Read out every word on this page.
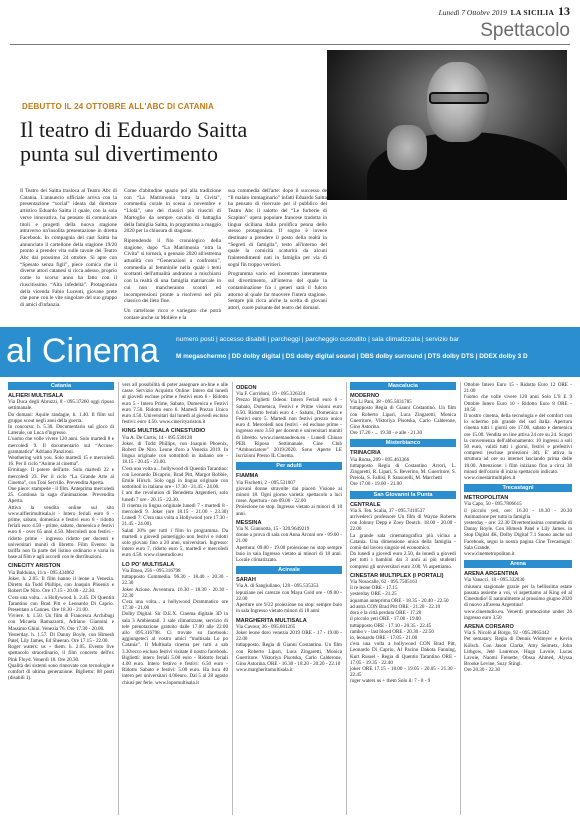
Lunedì 7 Ottobre 2019 LA SICILIA 13
Spettacolo
DEBUTTO IL 24 OTTOBRE ALL'ABC DI CATANIA
Il teatro di Eduardo Saitta
punta sul divertimento
Il Teatro dei Saitta traslocа al Teatro Abc di Catania. L'annuncio ufficiale arriva con la presentazione “social” ideata dal direttore artistico Eduardo Saitta il quale, con la sola verve innovativa, ha pensato di comunicare titoli e progetti della nuova stagione attraverso un'insolita presentazione in diretta Facebook. In compagnia del cast Saitta ha annunciato il cartellone della stagione 19/20 pronto a prender vita sulle tavole del Teatro Abc dal prossimo 24 ottobre. Si apre con “Spesato senza figli”, piece comica che il diverse attori catanesi si ricca adesso, proprio come lo scorso anno ha fatto con il riuscitissimo “Alta infedeltà”. Protagonista della vicenda Fabio Lucenti, giovane prete che pone con le vite singolare del suo gruppo di amici d'infanzia.
Come d'abitudine spazio poi alla tradizione con “La Matrimonia ‘ntra la Civita”, commedia corale in scena a novembre e “Liolà”, uno dei classici più riusciti di Martoglio da sempre cavallo di battaglia della famiglia Saitta, in programma a maggio 2020 per la chiusura di stagione.
Riprendendo il filo cronologico della stagione, dopo “La Matrimonia ‘ntra la Civita” si tornerà, a gennaio 2020 all'estrema attualità con “Generazioni a confronto”, commedia al femminile nella quale i temi scottanti dell'attualità andranno a mischiarsi con la realtà di una famiglia matriarcale in cui non mancheranno scontri ed incomprensioni pronte a risolversi nel più classico dei lieto fine.
Un cartellone ricco e variegato che potrà contare anche su Molière e la
sua commedia dell'arte: dopo il successo de “Il malato immaginario” infatti Eduardo Saitta ha pensato di riservare per il pubblico del Teatro Abc il salotto del “Le furberie di Scapino” opera popolare francese tradotta in lingua siciliana dalla prolifica penna dello stesso protagonista. Il sogno è invece destinato a prendere il posto della realtà in “Segreti di famiglia”, testo all'interno del quale la comicità scaturirà da alcuni fraintendimenti nati in famiglia per via di sogni fin troppo veritieri.
Programma vario ed incentrato interamente sul divertimento, all'interno del quale la contaminazione fra i generi sarà il fulcro attorno al quale far muovere l'intera stagione. Sempre più ricca anche la scelta di giovani attori, cuore pulsante del teatro del domani.
al Cinema	numero posti | accesso disabili | parcheggi | parcheggio custodito | sala climatizzata | servizio bar
M megaschermo | DD dolby digital | DS dolby digital sound | DBS dolby surround | DTS dolby DTS | DDEX dolby 3 D
Catania
ALFIERI MULTISALA
Via Duca degli Abruzzi, 8 - 095.37260 oggi riposo settimanale.
Da domani: Aquile randagie, h. 1.40. Il film sul gruppo scout negli anni della guerra.
In concorso: h. 5.30. Documentario sul gioco di Laterale, un Luca d'ingresso.
L'uomo che volle vivere 120 anni. Solo martedì 8 e mercoledì 9. Il documentario sul “Accuse: grammatica” Adriano Panzironi.
Weathering with you. Solo martedì 15 e mercoledì 16. Per il ciclo “Anime al cinema”.
Ermitage. Il potere dell'arte. Solo martedì 22 e mercoledì 23. Per il ciclo “La Grande Arte al Cinema”, con Toni Servillo. Prevendita Aperta.
One piece: stampede - il film. Anteprima mercoledì 25. Continua la saga d'animazione. Prevendita Aperta.
Attiva la vendita online sul sito www.alfierimultisala.it - Intero feriali euro 6 - prime, sabato, domenica e festivi euro 8 - ridotto feriali euro 4.50 - prime, sabato, domenica e festivi euro 6 - over 65 anni 4.50. Mercoledì non festivi - ridotto prime - ingresso ridotto per docenti e universitari muniti di libretto. Film Evento: la tariffa non fa parte del listino ordinario e varia in base al film e agli accordi con le distribuzioni.
CINECITY ARISTON
Via Balduina, 11/a - 095.434062
Joker. h. 2.05. Il film hanno il leone a Venezia. Diretto da Todd Phillips, con Joaquin Phoenix e Robert De Niro. Ore 17.15 - 20.00 - 22.30.
C'era una volta... a Hollywood. h. 2.45. Di Quentin Tarantino con Brad Pitt e Leonardo Di Caprio. Presentato a Cannes. Ore 18.30 - 21.00.
Viviere. h. 1.50. Un film di Francesca Archibugi con Micaela Ramazzotti, Adriano Giannini e Massimo Ghini. Venezia 76. Ore 17.30 - 20.00.
Yesterday. h. 1.57. Di Danny Boyle, con Himesh Patel, Lily James, Ed Sheeran. Ore 17.15 - 22.00.
Roger waters: us + them. h. 2.05. Evento live spettacolo straordinario, il film concerto dell'ex Pink Floyd. Venerdì 18. Ore 20.30.
Qualità dei sistemi sono rinnovate con tecnologie e comfort di ultima generazione. Biglietto: 88 posti (disabili 1).
vers all possibilità di poter assegnare on-line e alle casse. Servizio Acquisto Online: Intero dal lunedì al giovedì escluse prime e festivi euro 6 - Ridotto euro 5 - Intero Prime, Sabato, Domenica e Festivi euro 7.50. Ridotto euro 6. Martedì Prezzo Unico euro 4.50. Universitari dal lunedì al giovedì escluso festivi: euro 4.50. www.cinecityariston.it
KING MULTISALA CINESTUDIO
Via A. De Curtis, 14 - 095.530128
Joker. di Todd Phillips, con Joaquin Phoenix, Robert De Niro. Leone d'oro a Venezia 2019. In lingua originale con sottotitoli in italiano ore - 18.15 - 20.45 - 23.00.
C'era una volta a... hollywood di Quentin Tarantino: con Leonardo Dicaprio, Brad Pitt, Margot Robbie, Emile Hirsch. Solo oggi in lingua originale con sottotitoli in italiano ore - 17.30 - 21.45 - 24.00.
I am the revolution di Benedetta Argentieri, solo lunedì 7 ore - 20.15 - 22.30.
Il cinema in lingua originale lunedì 7 - martedì 8 - mercoledì 9. Joker (ore 18.15 - 21.00 - 23.30) Lunedì 7: C'era una volta a Hollywood (ore 17.30 - 21.45 - 24.00).
Salati 20% per tutti i film in programma. Da martedì a giovedì pomeriggio non festivi e ridotti solo giovani fino a 20 anni, universitari. Ingresso: intero euro 7, ridotto euro 5, martedì e mercoledì euro 4.50. www.cinestudio.eu
LO PO' MULTISALA
Via Etnea, 256 - 095.316798
tuttapposto Commedia. 96.30 - 18.40 - 20.30 - 22.30
Joker Azione. Avventura. 16.30 - 18.30 - 20.30 - 22.30
C'era una volta... a hollywood Drammatico ore 17.30 - 21.00
Dolby Digital. Sir D.E.X. Cinema digitale 3D in sala 3 Ambientali. 3 sale climatizzate, servizio di tele prenotazione gratuito dalle 17.00 alle 22.00 allo 095.316798. Ci trovate su facebook: aggiungeteci al vostro amici “multisala Lo po Catania”. Il Multisala cinema per tutti a sab 3.30/ecco escluso festivi visitate il nostro facebook. Biglietti: intero feriali 5.00 euro - Ridotto feriali 4.00 euro. Intero festivo e festivi: 6.50 euro - Ridotto Sabato e festivi: 5.00 euro. Ha luca 40 intero per universitari 4.00euro. Dal 5 al 28 agosto chiusi per ferie. www.lopomultisala.it
ODEON
Via F. Corridoni, 19 - 095.326324
Prezzo Biglietti Odeon: Intero Feriali euro 6 - Sabato, Domenica, Festivi e Prime visioni euro 6.50. Ridotto feriali euro 4 - Sabato, Domenica e Festivi euro 5. Martedì non festivi prezzo unico euro 4. Mercoledì non festivi - ed escluse prime - ingresso euro 3.50 per docenti e universitari muniti di libretto. www.cinemaodeon.eu - Lunedì Chiuso PER Riposo Settimanale. Cine Club “Ambasciatore” 2019/2020. Sono Aperte LE Iscrizioni Presso IL Cinema.
Per adulti
FIAMMA
Via Fischetti, 2 - 095.531007
giovani donne stravolte dai piaceri Visione ai minori 18. Ogni giorno varietà: spettacolo a luci rosse. Apertura - ore 09.00 - 22.00
Proiezione no stop. Ingresso vietato ai minori di 18 anni.
MESSINA
Via N. Giannotta, 15 - 320.9649219
donne a prova di sala con Anna Arcuni ore - 09.00 - 21.00
Apertura: 09.00 - 19.00 proiezione no stop sempre buio in sala Ingresso vietato ai minori di 18 anni. Locale climatizzato.
Acireale
SARAH
Via A. di Sangiuliano, 128 - 095.535353
lepuziane nei carezze con Maya Gold ore - 09.00 - 22.00
Aperture ore 9/22 proiezione no stop: sempre buio in sala Ingresso vietato minori di 18 anni
MARGHERITA MULTISALA
Via Cavour, 36 - 095.601265
Joker leone dorо venezia 2019 ORE - 17 - 19.00 - 22.00
tuttapposto. Regia di Gianni Costantino. Un film con Roberto Lipari, Luca Zingaretti, Monica Guerritore. Viktoriya Pisotska, Carlo Calderone, Gino Astorina. ORE - 16.30 - 18.20 - 20.20 - 22.10
www.margheritamultisala.it
Mascalucia
MODERNO
Via Li Pani, 38 - 095.5831785
tuttapposto Regia di Gianni Costantino. Un film con Roberto Lipari, Luca Zingaretti, Monica Guerritore, Viktoriya Pisotska, Carlo Calderone, Gino Astorina.
Ore 17.20 - ... 19.30 - e alle - 21.30
Misterbianco
TRINACRIA
Via Roma, 209 - 095.463366
tuttapposto Regia di Costantino Arrori, L. Zingaretti, R. Lipari, S. Beverino, M. Guerritore, S. Preiola, S. Fallisi, P. Sansorelli, M. Marchetti
Ore 17.00 - 19.00 - 21.00
San Giovanni la Punta
CENTRALE
Via S. Ten. Scalia, 37 - 095.7410537
arrivederci professore Un film di Wayne Roberts con Johnny Depp e Zoey Deutch. 18.00 - 20.00 - 22.00
La grande sala cinematografica più vicina a Catania. Una dimensione unica della famiglia - comò dal lavoro singolo ed economico.
Da lunedì a giovedì euro 2.50, da lunedì a giovedì per tutti i bambini dai 3 anni ai più studenti compresi gli universitari euro 3.00. Vi aspettiamo.
CINESTAR MULTIPLEX (I PORTALI)
Via Nosocalle, 62 - 095.7505163
il re leone ORE - 17.15
yesterday ORE - 21.25
aquaman anteprima ORE - 18.35 - 20.40 - 22.50
ad astra CON Brad Pitt ORE - 21.20 - 22.10
dora e la città perduta ORE - 17.20
il piccolo yeti ORE - 17.00 - 19.00
tuttapposto ORE - 17.10 - 20.35 - 22.45
rambo v - last blood ORE - 20.30 - 22.50
io, leonardo ORE - 17.05 - 21.00
c'era una volta a hollywood CON Brad Pitt, Leonardo Di Caprio, Al Pacino Dakota Fanning, Kurt Russel - Regia di Quentin Tarantino ORE - 17.05 - 19.35 - 22.40
joker ORE 17.15 - 18.00 - 19.05 - 20.05 - 21.30 - 22.45
roger waters us + them Solo il: 7 - 8 - 9
Ottobre Intero Euro 15 - Ridotto Euro 12 ORE - 21.00
l'uomo che volle vivere 120 anni Solo L'8 E 9 Ottobre Intero Euro 10 - Ridotto Euro 8 ORE - 18.50
Il nostro cinema, della tecnologia e del comfort con lo schermo più grande del sud Italia. Apertura cinema tutti i giorni ore 17.00, sabato e domenica ore 15.00. Vendita on line attiva 24 ore su 24. Scopri la convenienza dell'abbonamento: 10 ingressi a soli 50 euro, validi tutti i giorni, festivi e prefestivi compresi (escluse proiezioni 3d). E' attiva la struttura ad ore su internet lasciando prima delle 18.00. Attenzione: i film iniziano fino a circa 30 minuti dell'orario di inizio spettacolo indicato.
www.cinestarmultiplex.it
Trecastagni
METROPOLITAN
Via Capo, 50 - 095.7806615
il piccolo yeti, ore: 16.30 - 18.30 - 20.30 Animazione per tutta la famiglia.
yesterday - ore: 22.30 Divertentissima commedia di Danny Boyle. Con Himesh Patel e Lily James. in Stop Digital 4K, Dolby Digital 7.1 Suono anche sul Facebook, segui la nostra pagina Cine Trecastagni: Sala Grande.
www.cinemetropolitan.it
Arena
ARENA ARGENTINA
Via Vanacci, 18 - 095.332030
chiusura stagionale grazie per la bellissima estate passata assieme a voi, vi aspettiamo al King ed al Cinestudio! E naturalmente al prossimo giugno 2020 di nuovo all'arena Argentina!
www.cinestudio.eu. Venerdì promozione under 26 ingresso euro 3.50
ARENA CORSARO
Via S. Nicolò al Borgo, 92 - 095.2865442
Pet sematary. Regia di Dennis Widmyer e Kevin Kölsch. Con Jason Clarke, Amy Seimetz, John Lithgow, Jeté Laurence, Hugo Lavoie, Lucas Lavoie, Naomi Frenette, Obssa Ahmed, Alyssa Brooke Levine, Suzy Stingl.
Ore 20.30 - 22.30
